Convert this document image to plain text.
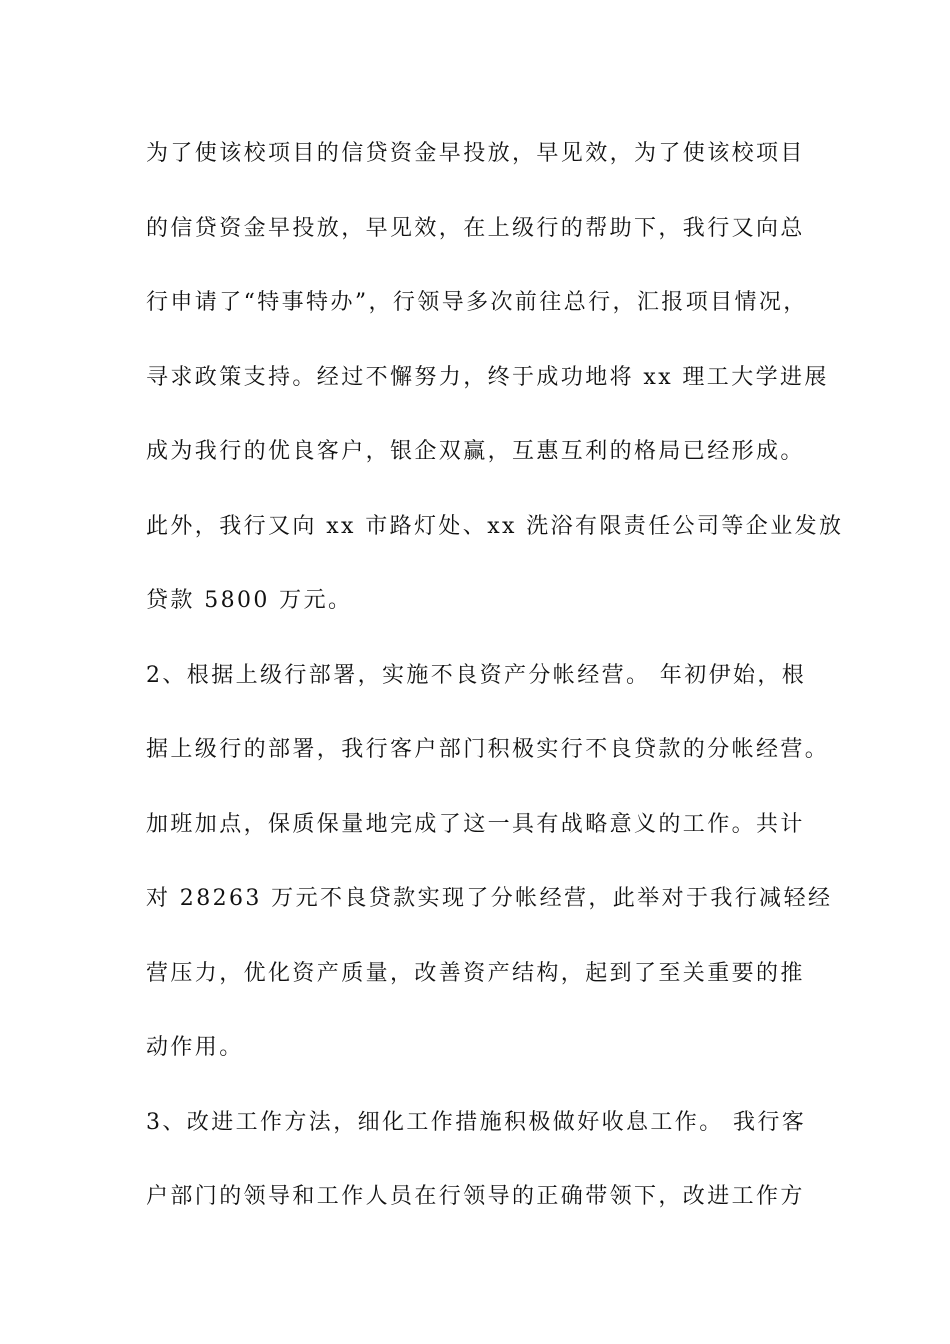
为了使该校项目的信贷资金早投放，早见效，为了使该校项目
的信贷资金早投放，早见效，在上级行的帮助下，我行又向总
行申请了“特事特办”，行领导多次前往总行，汇报项目情况，
寻求政策支持。经过不懈努力，终于成功地将 xx 理工大学进展
成为我行的优良客户，银企双赢，互惠互利的格局已经形成。
此外，我行又向 xx 市路灯处、xx 洗浴有限责任公司等企业发放
贷款 5800 万元。
2、根据上级行部署，实施不良资产分帐经营。 年初伊始，根
据上级行的部署，我行客户部门积极实行不良贷款的分帐经营。
加班加点，保质保量地完成了这一具有战略意义的工作。共计
对 28263 万元不良贷款实现了分帐经营，此举对于我行减轻经
营压力，优化资产质量，改善资产结构，起到了至关重要的推
动作用。
3、改进工作方法，细化工作措施积极做好收息工作。 我行客
户部门的领导和工作人员在行领导的正确带领下，改进工作方
